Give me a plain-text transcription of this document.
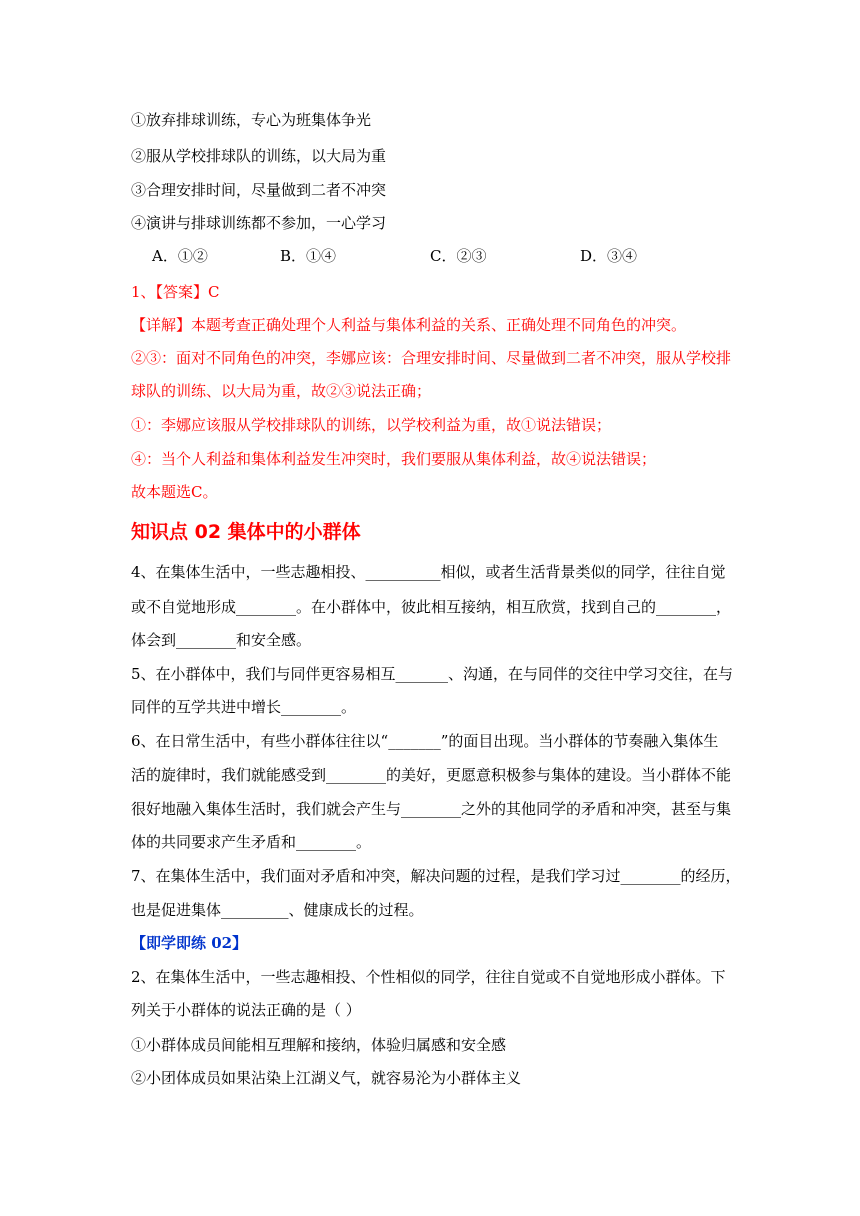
①放弃排球训练，专心为班集体争光
②服从学校排球队的训练，以大局为重
③合理安排时间，尽量做到二者不冲突
④演讲与排球训练都不参加，一心学习
A．①②	B．①④	C．②③	D．③④
1、【答案】C
【详解】本题考查正确处理个人利益与集体利益的关系、正确处理不同角色的冲突。
②③：面对不同角色的冲突，李娜应该：合理安排时间、尽量做到二者不冲突，服从学校排
球队的训练、以大局为重，故②③说法正确；
①：李娜应该服从学校排球队的训练，以学校利益为重，故①说法错误；
④：当个人利益和集体利益发生冲突时，我们要服从集体利益，故④说法错误；
故本题选C。
知识点 02 集体中的小群体
4、在集体生活中，一些志趣相投、__________相似，或者生活背景类似的同学，往往自觉
或不自觉地形成________。在小群体中，彼此相互接纳，相互欣赏，找到自己的________，
体会到________和安全感。
5、在小群体中，我们与同伴更容易相互_______、沟通，在与同伴的交往中学习交往，在与
同伴的互学共进中增长________。
6、在日常生活中，有些小群体往往以“_______”的面目出现。当小群体的节奏融入集体生
活的旋律时，我们就能感受到________的美好，更愿意积极参与集体的建设。当小群体不能
很好地融入集体生活时，我们就会产生与________之外的其他同学的矛盾和冲突，甚至与集
体的共同要求产生矛盾和________。
7、在集体生活中，我们面对矛盾和冲突，解决问题的过程，是我们学习过________的经历，
也是促进集体_________、健康成长的过程。
【即学即练 02】
2、在集体生活中，一些志趣相投、个性相似的同学，往往自觉或不自觉地形成小群体。下
列关于小群体的说法正确的是（ ）
①小群体成员间能相互理解和接纳，体验归属感和安全感
②小团体成员如果沾染上江湖义气，就容易沦为小群体主义
